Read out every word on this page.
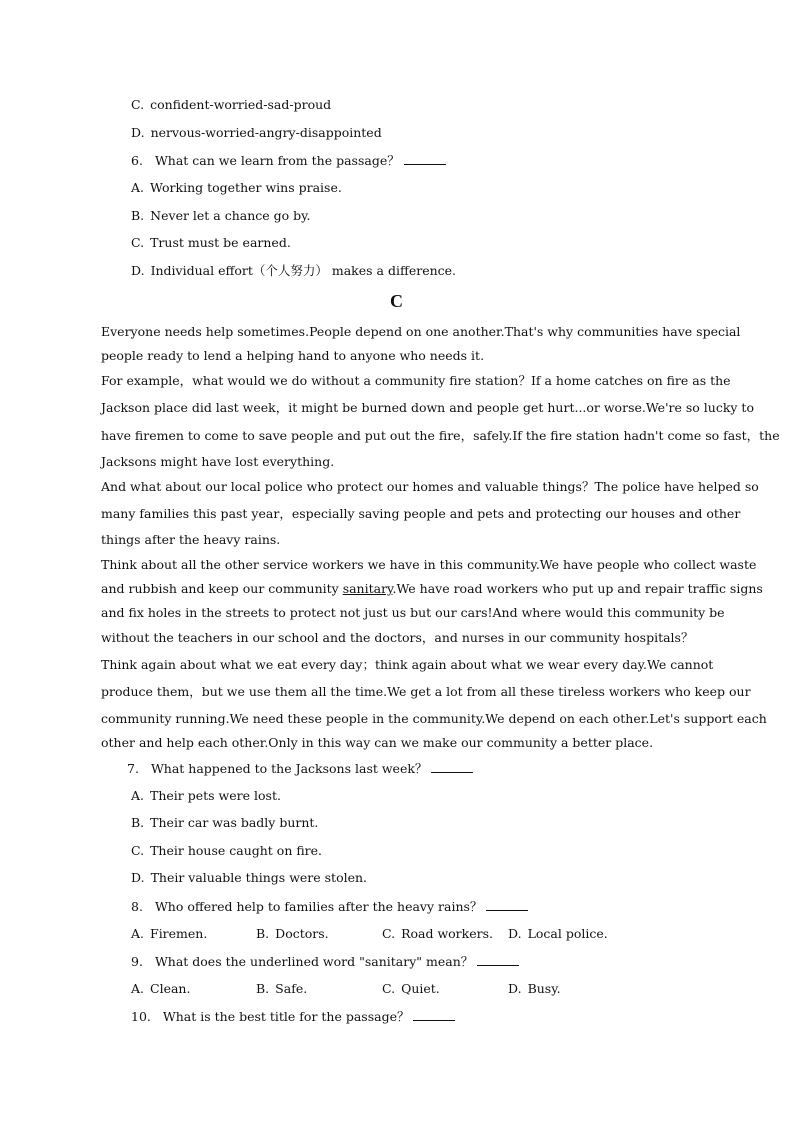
C. confident-worried-sad-proud
D. nervous-worried-angry-disappointed
6. What can we learn from the passage？
A. Working together wins praise.
B. Never let a chance go by.
C. Trust must be earned.
D. Individual effort（个人努力） makes a difference.
C
Everyone needs help sometimes.People depend on one another.That's why communities have special
people ready to lend a helping hand to anyone who needs it.
For example，what would we do without a community fire station？If a home catches on fire as the
Jackson place did last week，it might be burned down and people get hurt...or worse.We're so lucky to
have firemen to come to save people and put out the fire，safely.If the fire station hadn't come so fast，the
Jacksons might have lost everything.
And what about our local police who protect our homes and valuable things？The police have helped so
many families this past year，especially saving people and pets and protecting our houses and other
things after the heavy rains.
Think about all the other service workers we have in this community.We have people who collect waste
and rubbish and keep our community sanitary.We have road workers who put up and repair traffic signs
and fix holes in the streets to protect not just us but our cars!And where would this community be
without the teachers in our school and the doctors，and nurses in our community hospitals？
Think again about what we eat every day；think again about what we wear every day.We cannot
produce them，but we use them all the time.We get a lot from all these tireless workers who keep our
community running.We need these people in the community.We depend on each other.Let's support each
other and help each other.Only in this way can we make our community a better place.
7. What happened to the Jacksons last week？
A. Their pets were lost.
B. Their car was badly burnt.
C. Their house caught on fire.
D. Their valuable things were stolen.
8. Who offered help to families after the heavy rains？
A. Firemen.	B. Doctors.	C. Road workers. D. Local police.
9. What does the underlined word "sanitary" mean？
A. Clean.	B. Safe.	C. Quiet.	D. Busy.
10. What is the best title for the passage？
